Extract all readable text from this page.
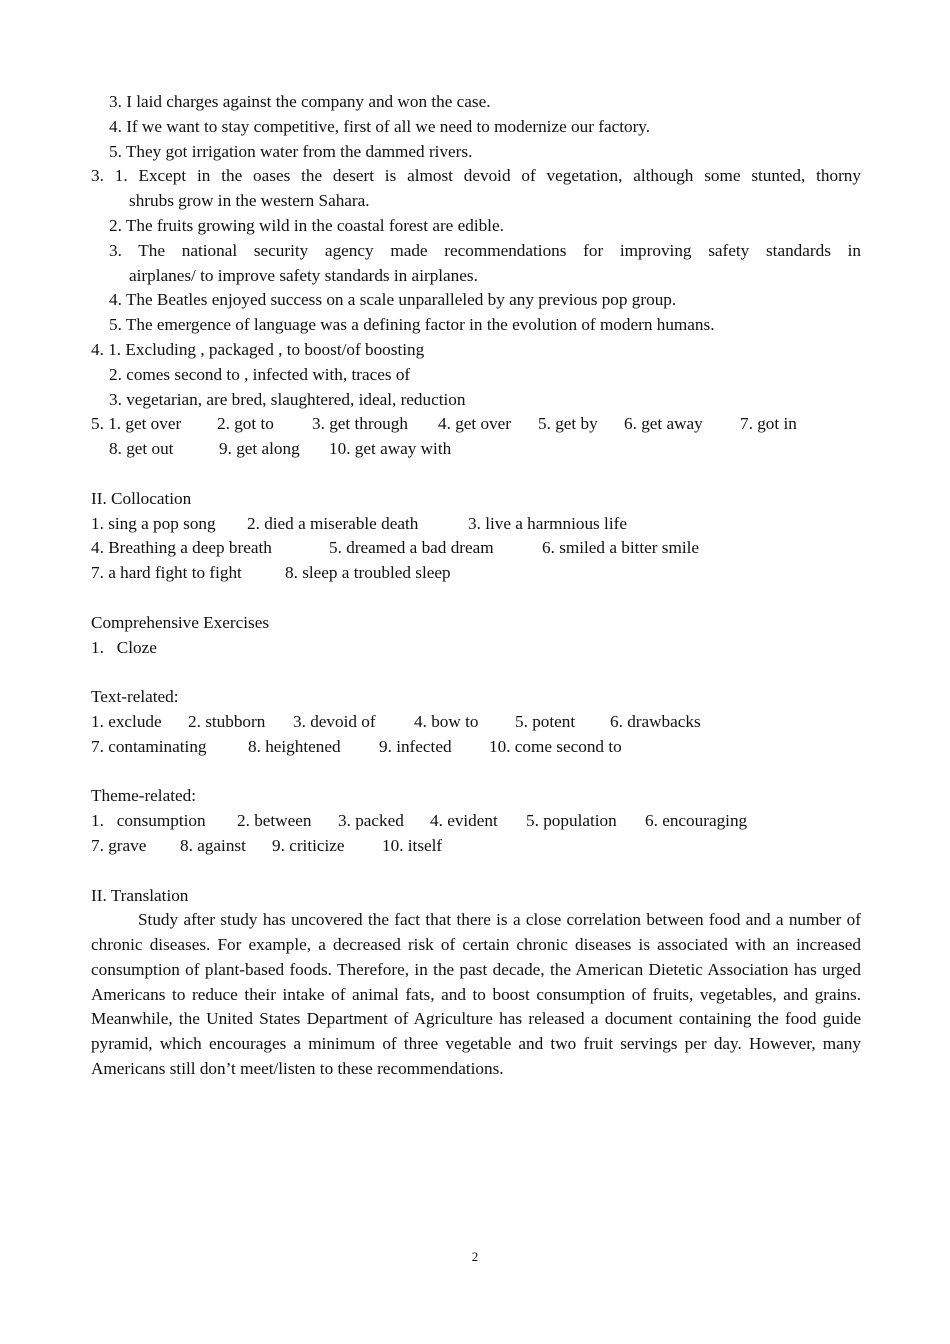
3. I laid charges against the company and won the case.
4. If we want to stay competitive, first of all we need to modernize our factory.
5. They got irrigation water from the dammed rivers.
3. 1. Except in the oases the desert is almost devoid of vegetation, although some stunted, thorny
shrubs grow in the western Sahara.
2. The fruits growing wild in the coastal forest are edible.
3. The national security agency made recommendations for improving safety standards in
airplanes/ to improve safety standards in airplanes.
4. The Beatles enjoyed success on a scale unparalleled by any previous pop group.
5. The emergence of language was a defining factor in the evolution of modern humans.
4. 1. Excluding , packaged , to boost/of boosting
2. comes second to , infected with, traces of
3. vegetarian, are bred, slaughtered, ideal, reduction
5. 1. get over 2. got to 3. get through 4. get over 5. get by 6. get away 7. got in
8. get out	9. get along 10. get away with
II. Collocation
1. sing a pop song 2. died a miserable death	3. live a harmnious life
4. Breathing a deep breath	5. dreamed a bad dream	6. smiled a bitter smile
7. a hard fight to fight	8. sleep a troubled sleep
Comprehensive Exercises
1.   Cloze
Text-related:
1. exclude 2. stubborn 3. devoid of 4. bow to 5. potent 6. drawbacks
7. contaminating 8. heightened 9. infected 10. come second to
Theme-related:
1.   consumption 2. between 3. packed 4. evident 5. population 6. encouraging
7. grave 8. against 9. criticize 10. itself
II. Translation

Study after study has uncovered the fact that there is a close correlation between food and a number of chronic diseases. For example, a decreased risk of certain chronic diseases is associated with an increased consumption of plant-based foods. Therefore, in the past decade, the American Dietetic Association has urged Americans to reduce their intake of animal fats, and to boost consumption of fruits, vegetables, and grains. Meanwhile, the United States Department of Agriculture has released a document containing the food guide pyramid, which encourages a minimum of three vegetable and two fruit servings per day. However, many Americans still don’t meet/listen to these recommendations.

2
